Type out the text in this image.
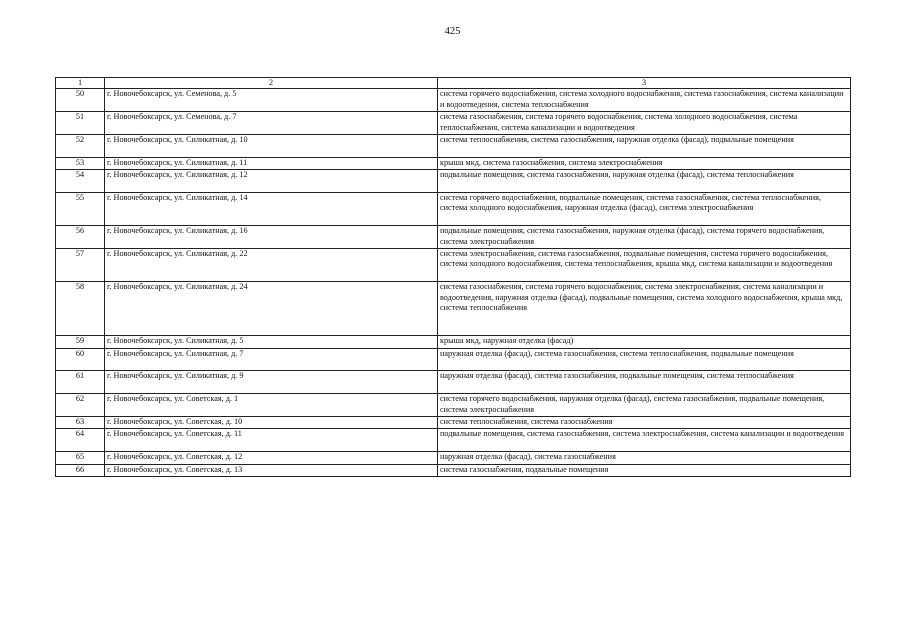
425
1	2	3
50	г. Новочебоксарск, ул. Семенова, д. 5	система горячего водоснабжения, система холодного водоснабжения, система газоснабжения, система канализации и водоотведения, система теплоснабжения
51	г. Новочебоксарск, ул. Семенова, д. 7	система газоснабжения, система горячего водоснабжения, система холодного водоснабжения, система теплоснабжения, система канализации и водоотведения
52	г. Новочебоксарск, ул. Силикатная, д. 10	система теплоснабжения, система газоснабжения, наружная отделка (фасад), подвальные помещения
53	г. Новочебоксарск, ул. Силикатная, д. 11	крыша мкд, система газоснабжения, система электроснабжения
54	г. Новочебоксарск, ул. Силикатная, д. 12	подвальные помещения, система газоснабжения, наружная отделка (фасад), система теплоснабжения
55	г. Новочебоксарск, ул. Силикатная, д. 14	система горячего водоснабжения, подвальные помещения, система газоснабжения, система теплоснабжения, система холодного водоснабжения, наружная отделка (фасад), система электроснабжения
56	г. Новочебоксарск, ул. Силикатная, д. 16	подвальные помещения, система газоснабжения, наружная отделка (фасад), система горячего водоснабжения, система электроснабжения
57	г. Новочебоксарск, ул. Силикатная, д. 22	система электроснабжения, система газоснабжения, подвальные помещения, система горячего водоснабжения, система холодного водоснабжения, система теплоснабжения, крыша мкд, система канализации и водоотведения
58	г. Новочебоксарск, ул. Силикатная, д. 24	система газоснабжения, система горячего водоснабжения, система электроснабжения, система канализации и водоотведения, наружная отделка (фасад), подвальные помещения, система холодного водоснабжения, крыша мкд, система теплоснабжения
59	г. Новочебоксарск, ул. Силикатная, д. 5	крыша мкд, наружная отделка (фасад)
60	г. Новочебоксарск, ул. Силикатная, д. 7	наружная отделка (фасад), система газоснабжения, система теплоснабжения, подвальные помещения
61	г. Новочебоксарск, ул. Силикатная, д. 9	наружная отделка (фасад), система газоснабжения, подвальные помещения, система теплоснабжения
62	г. Новочебоксарск, ул. Советская, д. 1	система горячего водоснабжения, наружная отделка (фасад), система газоснабжения, подвальные помещения, система электроснабжения
63	г. Новочебоксарск, ул. Советская, д. 10	система теплоснабжения, система газоснабжения
64	г. Новочебоксарск, ул. Советская, д. 11	подвальные помещения, система газоснабжения, система электроснабжения, система канализации и водоотведения
65	г. Новочебоксарск, ул. Советская, д. 12	наружная отделка (фасад), система газоснабжения
66	г. Новочебоксарск, ул. Советская, д. 13	система газоснабжения, подвальные помещения
